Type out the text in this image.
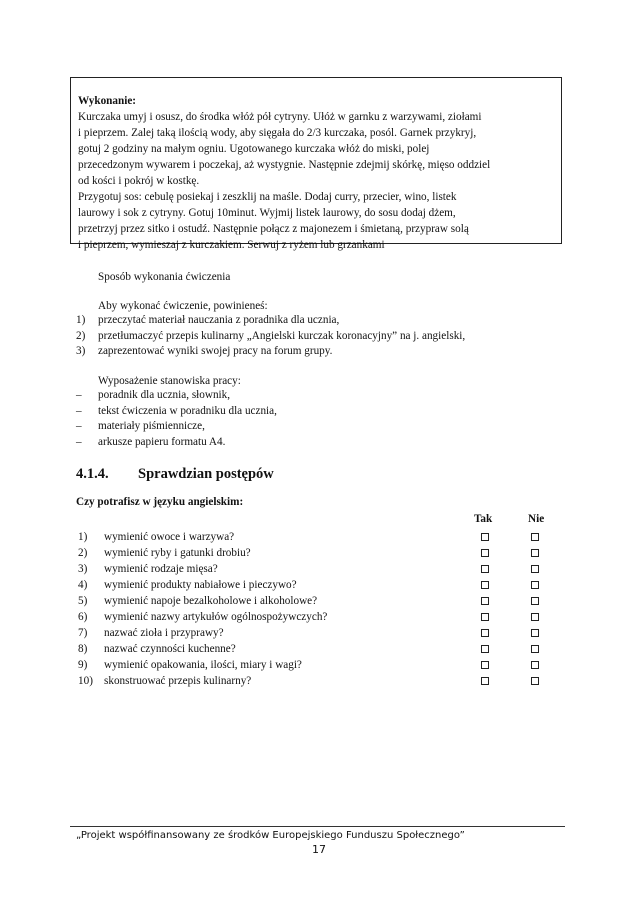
Wykonanie:

Kurczaka umyj i osusz, do środka włóż pół cytryny. Ułóż w garnku z warzywami, ziołami

i pieprzem. Zalej taką ilością wody, aby sięgała do 2/3 kurczaka, posól. Garnek przykryj,

gotuj 2 godziny na małym ogniu. Ugotowanego kurczaka włóż do miski, polej

przecedzonym wywarem i poczekaj, aż wystygnie. Następnie zdejmij skórkę, mięso oddziel

od kości i pokrój w kostkę.

Przygotuj sos: cebulę posiekaj i zeszklij na maśle. Dodaj curry, przecier, wino, listek

laurowy i sok z cytryny. Gotuj 10minut. Wyjmij listek laurowy, do sosu dodaj dżem,

przetrzyj przez sitko i ostudź. Następnie połącz z majonezem i śmietaną, przypraw solą

i pieprzem, wymieszaj z kurczakiem. Serwuj z ryżem lub grzankami

Sposób wykonania ćwiczenia

Aby wykonać ćwiczenie, powinieneś:

1) przeczytać materiał nauczania z poradnika dla ucznia,
2) przetłumaczyć przepis kulinarny „Angielski kurczak koronacyjny” na j. angielski,
3) zaprezentować wyniki swojej pracy na forum grupy.

Wyposażenie stanowiska pracy:

– poradnik dla ucznia, słownik,
– tekst ćwiczenia w poradniku dla ucznia,
– materiały piśmiennicze,
– arkusze papieru formatu A4.
4.1.4. Sprawdzian postępów

Czy potrafisz w języku angielskim:

Tak	Nie
1)	wymienić owoce i warzywa?
2)	wymienić ryby i gatunki drobiu?
3)	wymienić rodzaje mięsa?
4)	wymienić produkty nabiałowe i pieczywo?
5)	wymienić napoje bezalkoholowe i alkoholowe?
6)	wymienić nazwy artykułów ogólnospożywczych?
7)	nazwać zioła i przyprawy?
8)	nazwać czynności kuchenne?
9)	wymienić opakowania, ilości, miary i wagi?
10) skonstruować przepis kulinarny?
„Projekt współfinansowany ze środków Europejskiego Funduszu Społecznego”
17
